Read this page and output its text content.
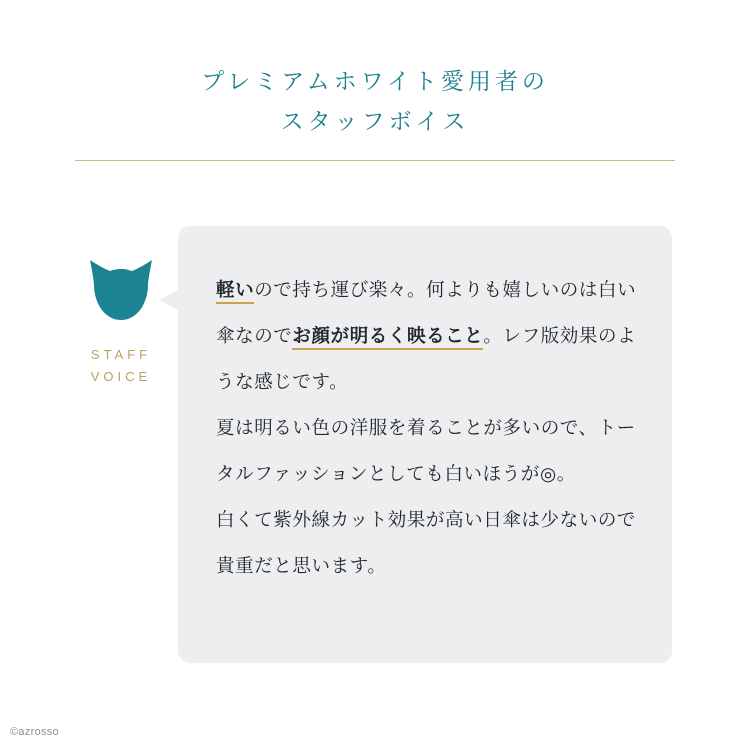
プレミアムホワイト愛用者の
スタッフボイス
STAFF
VOICE

軽いので持ち運び楽々。何よりも嬉しいのは白い傘なのでお顔が明るく映ること。レフ版効果のような感じです。

夏は明るい色の洋服を着ることが多いので、トータルファッションとしても白いほうが◎。

白くて紫外線カット効果が高い日傘は少ないので貴重だと思います。

©azrosso
